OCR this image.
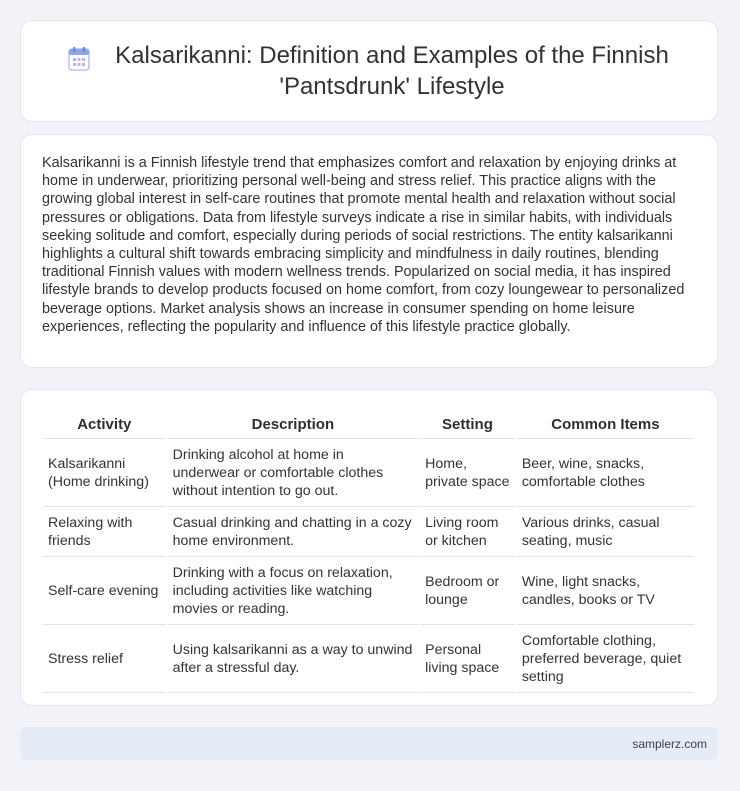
Kalsarikanni: Definition and Examples of the Finnish 'Pantsdrunk' Lifestyle

Kalsarikanni is a Finnish lifestyle trend that emphasizes comfort and relaxation by enjoying drinks at home in underwear, prioritizing personal well-being and stress relief. This practice aligns with the growing global interest in self-care routines that promote mental health and relaxation without social pressures or obligations. Data from lifestyle surveys indicate a rise in similar habits, with individuals seeking solitude and comfort, especially during periods of social restrictions. The entity kalsarikanni highlights a cultural shift towards embracing simplicity and mindfulness in daily routines, blending traditional Finnish values with modern wellness trends. Popularized on social media, it has inspired lifestyle brands to develop products focused on home comfort, from cozy loungewear to personalized beverage options. Market analysis shows an increase in consumer spending on home leisure experiences, reflecting the popularity and influence of this lifestyle practice globally.

Activity	Description	Setting	Common Items
Kalsarikanni (Home drinking)	Drinking alcohol at home in underwear or comfortable clothes without intention to go out.	Home, private space	Beer, wine, snacks, comfortable clothes
Relaxing with friends	Casual drinking and chatting in a cozy home environment.	Living room or kitchen	Various drinks, casual seating, music
Self-care evening	Drinking with a focus on relaxation, including activities like watching movies or reading.	Bedroom or lounge	Wine, light snacks, candles, books or TV
Stress relief	Using kalsarikanni as a way to unwind after a stressful day.	Personal living space	Comfortable clothing, preferred beverage, quiet setting
samplerz.com
